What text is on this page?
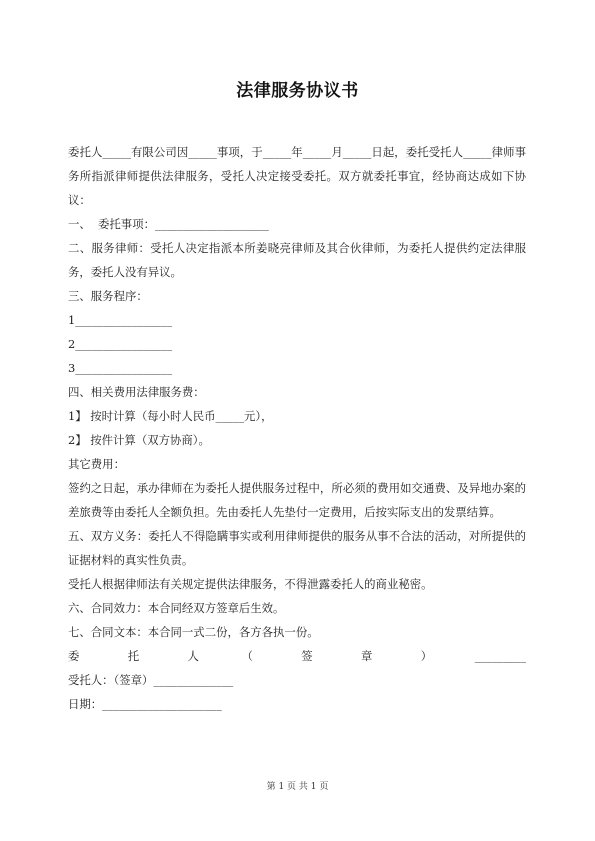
法律服务协议书

委托人_____有限公司因_____事项，于_____年_____月_____日起，委托受托人_____律师事务所指派律师提供法律服务，受托人决定接受委托。双方就委托事宜，经协商达成如下协议：

一、  委托事项：____________________

二、服务律师：受托人决定指派本所姜晓亮律师及其合伙律师，为委托人提供约定法律服务，委托人没有异议。

三、服务程序：

1_________________

2_________________

3_________________

四、相关费用法律服务费：

1】 按时计算（每小时人民币_____元），

2】 按件计算（双方协商）。

其它费用：

签约之日起，承办律师在为委托人提供服务过程中，所必须的费用如交通费、及异地办案的差旅费等由委托人全额负担。先由委托人先垫付一定费用，后按实际支出的发票结算。

五、双方义务：委托人不得隐瞒事实或利用律师提供的服务从事不合法的活动，对所提供的证据材料的真实性负责。

受托人根据律师法有关规定提供法律服务，不得泄露委托人的商业秘密。

六、合同效力：本合同经双方签章后生效。

七、合同文本：本合同一式二份，各方各执一份。

委　托　人　（　签　章　）　_________

受托人：（签章）______________

日期：_____________________

第 1 页 共 1 页
